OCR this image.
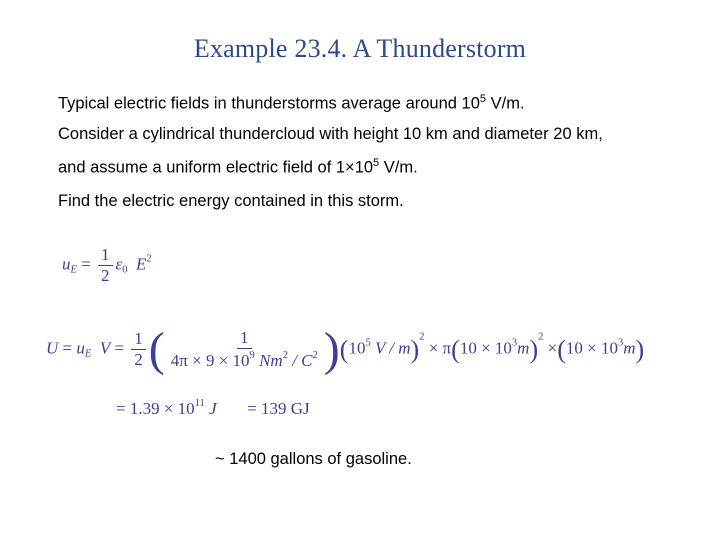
Example 23.4. A Thunderstorm
Typical electric fields in thunderstorms average around $10^5$ V/m.
Consider a cylindrical thundercloud with height 10 km and diameter 20 km,
and assume a uniform electric field of $1\times 10^5$ V/m.
Find the electric energy contained in this storm.
$u_E = \frac{1}{2} \varepsilon_0$ $E^2$
$U = u_E$ $V = \frac{1}{2}$ ( $\frac{1}{4\pi \times 9 \times 10^9 Nm^2 / C^2} )(10^5$ $V / m)^2 \times \pi(10 \times 10^3m)^2 \times(10 \times 10^3m)$
= $1.39 \times 10^{11}$ J = 139 GJ
~ 1400 gallons of gasoline.
